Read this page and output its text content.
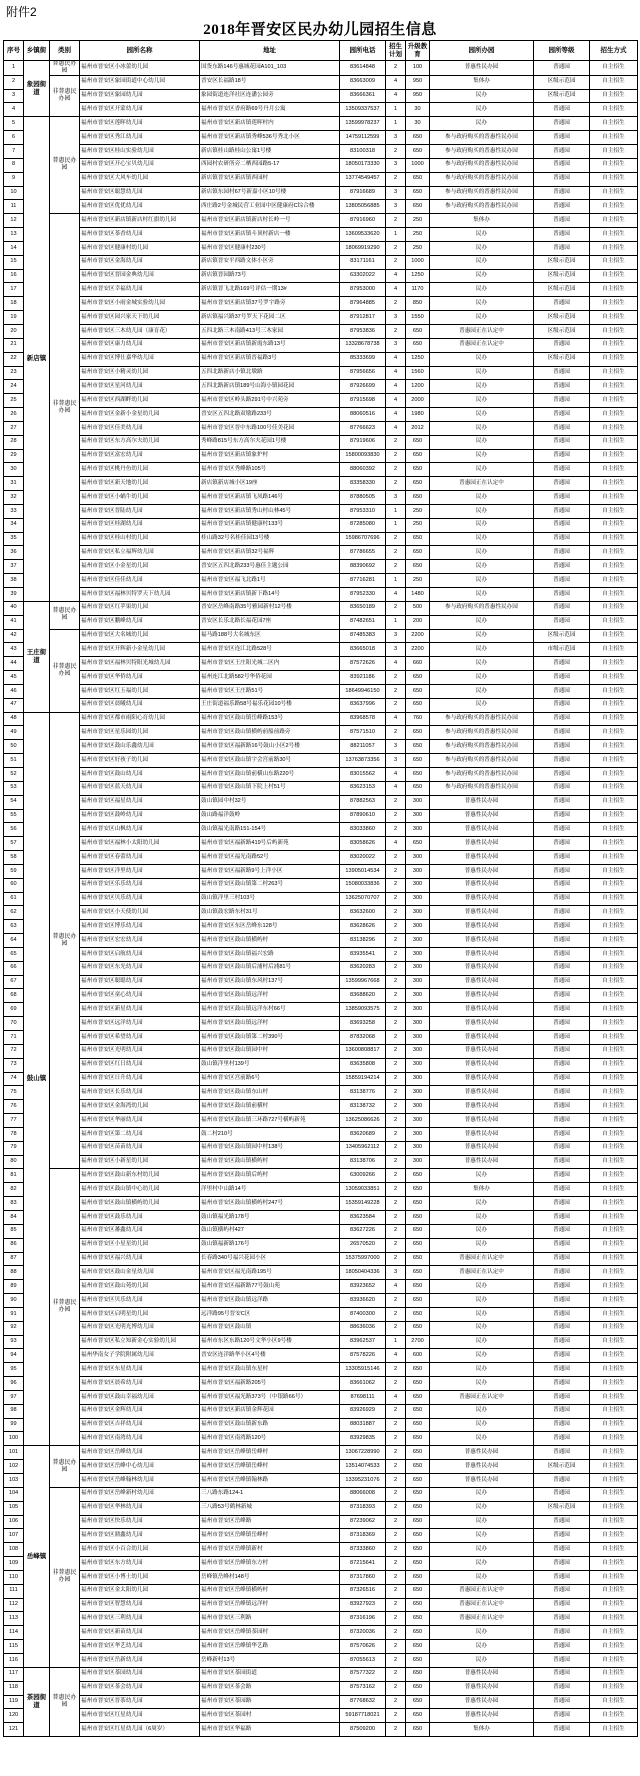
附件2
2018年晋安区民办幼儿园招生信息
序号	乡镇街	类别	园所名称	地址	园所电话	招生计划	升级教育	园所办园	园所等级	招生方式
1	象园街道	普惠民办园	福州市晋安区小冰蕾幼儿园	国货东路146号惠城花园A101_103	83614848	2	100	普惠性民办园	普通园	自主招生
2		非普惠民办园	福州市晋安区象园街道中心幼儿园	晋安区长福路18号	83663009	4	950	集体办	区级示范园	自主招生
3			福州市晋安区象园幼儿园	象园街道连洋社区连潘公园旁	83666361	4	950	民办	区级示范园	自主招生
4			福州市晋安区开蒙幼儿园	福州市晋安区香府路69号丹月公寓	13509337537	1	30	民办	普通园	自主招生
5	新店镇	普惠民办园	福州市晋安区莲晖幼儿园	福州市晋安区新店镇莲晖村内	13599978237	1	30	民办	普通园	自主招生
6			福州市晋安区秀江幼儿园	福州市晋安区新店镇秀峰536号秀北小区	14759112599	3	650	参与政府购买的普惠性民办园	普通园	自主招生
7			福州市晋安区桂山实验幼儿园	新店镇桂山路桂山公寓1号楼	83100318	2	650	参与政府购买的普惠性民办园	普通园	自主招生
8			福州市晋安区开心宝贝幼儿园	西园村农研所旁二栖西园路5-17	18050173330	3	1000	参与政府购买的普惠性民办园	普通园	自主招生
9			福州市晋安区大风车幼儿园	新店镇晋安区新店镇西园村	13774549457	2	650	参与政府购买的普惠性民办园	普通园	自主招生
10			福州市晋安区聪慧幼儿园	新店镇东园村67号新嘉小区10号楼	87916689	3	650	参与政府购买的普惠性民办园	普通园	自主招生
11			福州市晋安区优优幼儿园	西庄路2号金城民营工业园中区健康府C综合楼	13805056885	3	650	参与政府购买的普惠性民办园	普通园	自主招生
12		非普惠民办园	福州市晋安区新店镇新店村红旗幼儿园	福州市晋安区新店镇新店村长岭一号	87916960	2	250	集体办	普通园	自主招生
13			福州市晋安区茶香幼儿园	福州市晋安区新店镇斗顶村新店一楼	13609533620	1	250	民办	普通园	自主招生
14			福州市晋安区健康村幼儿园	福州市晋安区健康村230号	18069919290	2	250	民办	普通园	自主招生
15			福州市晋安区金海幼儿园	新店镇晋安平西路文体小区旁	83171161	2	1000	民办	区级示范园	自主招生
16			福州市晋安区晋园金典幼儿园	新店镇晋园路73号	63302022	4	1250	民办	区级示范园	自主招生
17			福州市晋安区幸福幼儿园	新店镇晋飞北路169号评估一期13#	87953000	4	1170	民办	区级示范园	自主招生
18			福州市晋安区小雨金城实验幼儿园	福州市晋安区新店镇37号罗宇路旁	87964885	2	850	民办	普通园	自主招生
19			福州市晋安区园兴家天下幼儿园	新店镇福兴路37号罗天下花园二区	87912817	3	1550	民办	区级示范园	自主招生
20			福州市晋安区三木幼儿园（康育花）	五四北路三木南路413号三木家园	87953836	2	650	普惠园正在认定中	区级示范园	自主招生
21			福州市晋安区康力幼儿园	福州市晋安区新店镇新霞东路13号	13328678738	3	650	普惠园正在认定中	普通园	自主招生
22			福州市晋安区博仕嘉华幼儿园	福州市晋安区新店镇晋福路3号	85333699	4	1250	民办	区级示范园	自主招生
23			福州市晋安区小精灵幼儿园	五四北路新店小镇北墩路	87956656	4	1560	民办	普通园	自主招生
24			福州市晋安区星河幼儿园	五四北路新店镇189号山海小镇园花园	87926699	4	1200	民办	普通园	自主招生
25			福州市晋安区西湖畔幼儿园	福州市晋安区岭头路291号中兴苑旁	87915698	4	2000	民办	普通园	自主招生
26			福州市晋安区金新小金星幼儿园	晋安区五四北路双墩路233号	88060516	4	1980	民办	普通园	自主招生
27			福州市晋安区佳美幼儿园	福州市晋安区晋中东路100号佳美花园	87766623	4	2012	民办	普通园	自主招生
28			福州市晋安区东方高尔夫幼儿园	秀峰路815号东方高尔夫花园1号楼	87919606	2	650	民办	普通园	自主招生
29			福州市晋安区富宏幼儿园	福州市晋安区新店镇象炉村	15800093830	2	650	民办	普通园	自主招生
30			福州市晋安区桃丹鱼幼儿园	福州市晋安区秀峰路105号	88060392	2	650	民办	普通园	自主招生
31			福州市晋安区新天地幼儿园	新店镇新店城小区19座	83358330	2	650	普惠园正在认定中	普通园	自主招生
32			福州市晋安区小蜗牛幼儿园	福州市晋安区新店镇飞凤路146号	87880505	3	650	民办	普通园	自主招生
33			福州市晋安区晋陆幼儿园	福州市晋安区新店镇秀山村山林45号	87953310	1	250	民办	普通园	自主招生
34			福州市晋安区桂湖幼儿园	福州市晋安区新店镇健康村133号	87285080	1	250	民办	普通园	自主招生
35			福州市晋安区桂山村幼儿园	桂山路32号名桂佳园13号楼	15986707696	2	650	民办	普通园	自主招生
36			福州市晋安区私立福辉幼儿园	福州市晋安区新店镇32号福辉	87786655	2	650	民办	普通园	自主招生
37			福州市晋安区小金星幼儿园	晋安区五四北路233号惠佳主题公园	88390692	2	650	民办	普通园	自主招生
38			福州市晋安区佳佳幼儿园	福州市晋安区福飞北路1号	87716281	1	250	民办	普通园	自主招生
39			福州市晋安区福林贝特罗天下幼儿园	福州市晋安区新店镇新下路14号	87952330	4	1480	民办	普通园	自主招生
40	王庄街道	普惠民办园	福州市晋安区红苹果幼儿园	晋安区岳峰南路35号雅园新村12号楼	83650189	2	500	参与政府购买的普惠性民办园	普通园	自主招生
41			福州市晋安区鹏峰幼儿园	晋安区长乐北路长福花园7座	87482651	1	200	民办	普通园	自主招生
42		非普惠民办园	福州市晋安区大名城幼儿园	福马路188号大名城东区	87485383	3	2200	民办	区级示范园	自主招生
43			福州市晋安区开辉新小金星幼儿园	福州市晋安区连江北路528号	83665018	3	2200	民办	市级示范园	自主招生
44			福州市晋安区福林贝特阳光城幼儿园	福州市晋安区王庄阳光城二区内	87572626	4	660	民办	普通园	自主招生
45			福州市晋安区华侨幼儿园	福州连江北路582号华侨花园	83921186	2	650	民办	普通园	自主招生
46			福州市晋安区红玉福幼儿园	福州市晋安区王庄路51号	18649946150	2	650	民办	普通园	自主招生
47			福州市晋安区晨曦幼儿园	王庄街道福乐路58号福乐花园10号楼	83637996	2	650	民办	普通园	自主招生
48	鼓山镇	普惠民办园	福州市晋安区都市雨阳心育幼儿园	福州市晋安区鼓山镇岳峰路153号	83968578	4	760	参与政府购买的普惠性民办园	普通园	自主招生
49			福州市晋安区星乐园幼儿园	福州市晋安区鼓山镇横屿前船前路旁	87571510	2	650	参与政府购买的普惠性民办园	普通园	自主招生
50			福州市晋安区鼓山乐鑫幼儿园	福州市晋安区福新路16号鼓山小区2号楼	88211057	3	650	参与政府购买的普惠性民办园	普通园	自主招生
51			福州市晋安区好孩子幼儿园	福州市晋安区鼓山镇宇会宫前路30号	13763873356	3	650	参与政府购买的普惠性民办园	普通园	自主招生
52			福州市晋安区鼓山幼儿园	福州市晋安区鼓山镇前横山东路220号	83015562	4	650	参与政府购买的普惠性民办园	普通园	自主招生
53			福州市晋安区蓝天幼儿园	福州市晋安区鼓山镇下院上村51号	83623153	4	650	参与政府购买的普惠性民办园	普通园	自主招生
54			福州市晋安区福星幼儿园	鼓山镇园中村32号	87882563	2	300	普惠性民办园	普通园	自主招生
55			福州市晋安区鼓岭幼儿园	鼓山路福洋鼓岭	87890610	2	300	普惠性民办园	普通园	自主招生
56			福州市晋安区山枫幼儿园	鼓山镇福光南路151-154号	83033860	2	300	普惠性民办园	普通园	自主招生
57			福州市晋安区福林小太阳幼儿园	福州市晋安区福新路419号后屿新苑	83058626	4	650	普惠性民办园	普通园	自主招生
58			福州市晋安区春蕾幼儿园	福州市晋安区福光南路52号	83020022	2	300	普惠性民办园	普通园	自主招生
59			福州市晋安区洋里幼儿园	福州市晋安区福新路9号上洋小区	13905014534	2	300	普惠性民办园	普通园	自主招生
60			福州市晋安区乐乐幼儿园	福州市晋安区鼓山镇第二村263号	15080033836	2	300	普惠性民办园	普通园	自主招生
61			福州市晋安区贝乐幼儿园	鼓山镇洋里三村103号	13625070707	2	300	普惠性民办园	普通园	自主招生
62			福州市晋安区小天使幼儿园	鼓山镇鼓宏路东村31号	83632600	2	300	普惠性民办园	普通园	自主招生
63			福州市晋安区博乐幼儿园	福州市晋安区东区岳峰东128号	83628626	2	300	普惠性民办园	普通园	自主招生
64			福州市晋安区宏宏幼儿园	福州市晋安区鼓山镇横屿村	83138296	2	300	普惠性民办园	普通园	自主招生
65			福州市晋安区启航幼儿园	福州市晋安区鼓山镇福兴宏路	83935541	2	300	普惠性民办园	普通园	自主招生
66			福州市晋安区东光幼儿园	福州市晋安区鼓山镇后浦村后浦81号	83620283	2	300	普惠性民办园	普通园	自主招生
67			福州市晋安区聪聪幼儿园	福州市晋安区鼓山镇东风村137号	13599967668	2	300	普惠性民办园	普通园	自主招生
68			福州市晋安区童心幼儿园	福州市晋安区鼓山镇远洋村	83688620	2	300	普惠性民办园	普通园	自主招生
69			福州市晋安区新星幼儿园	福州市晋安区鼓山镇远洋东村66号	13859093575	2	300	普惠性民办园	普通园	自主招生
70			福州市晋安区远洋幼儿园	福州市晋安区鼓山镇远洋村	83693258	2	300	普惠性民办园	普通园	自主招生
71			福州市晋安区希望幼儿园	福州市晋安区鼓山镇第二村390号	87832068	2	300	普惠性民办园	普通园	自主招生
72			福州市晋安区光明幼儿园	福州市晋安区鼓山镇园中村	13600808817	2	300	普惠性民办园	普通园	自主招生
73			福州市晋安区红日幼儿园	鼓山镇洋里村139号	83635808	2	300	普惠性民办园	普通园	自主招生
74			福州市晋安区日升幼儿园	福州市晋安区宫前路6号	15859194214	2	300	普惠性民办园	普通园	自主招生
75			福州市晋安区长乐幼儿园	福州市晋安区鼓山镇东山村	83138776	2	300	普惠性民办园	普通园	自主招生
76			福州市晋安区金海湾幼儿园	福州市晋安区鼓山镇前横村	83138732	2	300	普惠性民办园	普通园	自主招生
77			福州市晋安区华丽幼儿园	福州市晋安区鼓山镇三环路727号横屿新苑	13625086626	2	300	普惠性民办园	普通园	自主招生
78			福州市晋安区第二幼儿园	鼓二村210号	83620689	2	300	普惠性民办园	普通园	自主招生
79			福州市晋安区苗苗幼儿园	福州市晋安区鼓山镇园中村138号	13405962112	2	300	普惠性民办园	普通园	自主招生
80			福州市晋安区小新星幼儿园	福州市晋安区鼓山镇横屿村	83138706	2	300	普惠性民办园	普通园	自主招生
81		非普惠民办园	福州市晋安区鼓山新东村幼儿园	福州市晋安区鼓山镇后屿村	63009266	2	650	民办	普通园	自主招生
82			福州市晋安区鼓山镇中心幼儿园	洋里村中山路14号	13059033851	2	650	集体办	普通园	自主招生
83			福州市晋安区鼓山镇横屿幼儿园	福州市晋安区鼓山镇横屿村247号	15359149228	2	650	民办	普通园	自主招生
84			福州市晋安区鼓乐幼儿园	鼓山镇福光路178号	83623584	2	650	民办	普通园	自主招生
85			福州市晋安区蕃鑫幼儿园	鼓山镇横屿村427	83627226	2	650	民办	普通园	自主招生
86			福州市晋安区小星星幼儿园	鼓山镇福新路176号	26570520	2	650	民办	普通园	自主招生
87			福州市晋安区福兴幼儿园	长春路340号福兴花园小区	15375997000	2	650	普惠园正在认定中	普通园	自主招生
88			福州市晋安区鼓山金星幼儿园	福州市晋安区福光南路195号	18050404336	3	650	普惠园正在认定中	普通园	自主招生
89			福州市晋安区鼓山苑幼儿园	福州市晋安区福新路77号鼓山苑	83923652	4	650	民办	普通园	自主招生
90			福州市晋安区贝乐幼儿园	福州市晋安区鼓山镇远洋路	83936620	2	650	民办	普通园	自主招生
91			福州市晋安区启明星幼儿园	远洋路95号晋安C区	87400300	2	650	民办	普通园	自主招生
92			福州市晋安区光明光博幼儿园	福州市晋安区鼓山镇	88636036	2	650	民办	普通园	自主招生
93			福州市晋安区私立知新金心实验幼儿园	福州市东区东路120号文华小区9号楼	83962537	1	2700	民办	普通园	自主招生
94			福州华南女子学院附属幼儿园	晋安区连洋路华小区4号楼	87578226	4	600	民办	普通园	自主招生
95			福州市晋安区东星幼儿园	福州市晋安区鼓山镇东星村	13305915146	2	650	民办	普通园	自主招生
96			福州市晋安区晨希幼儿园	福州市晋安区福新路205号	83661062	2	650	民办	普通园	自主招生
97			福州市晋安区鼓山幸福幼儿园	福州市晋安区福光路373号（中银路66号）	87698111	4	650	普惠园正在认定中	普通园	自主招生
98			福州市晋安区金辉幼儿园	福州市晋安区新店镇金辉花园	83926929	2	650	民办	普通园	自主招生
99			福州市晋安区吉祥幼儿园	福州市晋安区鼓山镇新东路	88031887	2	650	民办	普通园	自主招生
100			福州市晋安区南湾幼儿园	福州市晋安区南湾路120号	83929835	2	650	民办	普通园	自主招生
101	岳峰镇	普惠民办园	福州市晋安区岳峰幼儿园	福州市晋安区岳峰镇岳峰村	13067228990	2	650	普惠性民办园	普通园	自主招生
102			福州市晋安区岳峰中心幼儿园	福州市晋安区岳峰镇岳峰村	13514074533	2	650	普惠性民办园	区级示范园	自主招生
103			福州市晋安区岳峰翰林幼儿园	福州市晋安区岳峰镇翰林路	13395231076	2	650	普惠性民办园	普通园	自主招生
104		非普惠民办园	福州市晋安区岳峰新村幼儿园	三八路东路124-1	88066008	2	650	民办	普通园	自主招生
105			福州市晋安区华林幼儿园	三八路53号鹤林新城	87318393	2	650	民办	区级示范园	自主招生
106			福州市晋安区快乐幼儿园	福州市晋安区岳峰路	87239062	2	650	民办	普通园	自主招生
107			福州市晋安区鼎鑫幼儿园	福州市晋安区岳峰镇岳峰村	87318369	2	650	民办	普通园	自主招生
108			福州市晋安区小百合幼儿园	福州市晋安区岳峰镇新村	87333860	2	650	民办	普通园	自主招生
109			福州市晋安区东方幼儿园	福州市晋安区岳峰镇东方村	87215641	2	650	民办	普通园	自主招生
110			福州市晋安区小博士幼儿园	岳峰镇岳峰村148号	87317860	2	650	民办	普通园	自主招生
111			福州市晋安区金太阳幼儿园	福州市晋安区岳峰镇横屿村	87326516	2	650	普惠园正在认定中	普通园	自主招生
112			福州市晋安区智慧幼儿园	福州市晋安区岳峰镇远洋村	83927923	2	650	普惠园正在认定中	普通园	自主招生
113			福州市晋安区三利幼儿园	福州市晋安区三利路	87316196	2	650	普惠园正在认定中	普通园	自主招生
114			福州市晋安区新苗幼儿园	福州市晋安区岳峰镇茶园村	87320036	2	650	民办	普通园	自主招生
115			福州市晋安区华艺幼儿园	福州市晋安区岳峰镇华艺路	87570626	2	650	民办	普通园	自主招生
116			福州市晋安区岳新幼儿园	岳峰新村13号	87055613	2	650	民办	普通园	自主招生
117	茶园街道	普惠民办园	福州市晋安区茶园幼儿园	福州市晋安区茶园街道	87577322	2	650	普惠性民办园	普通园	自主招生
118			福州市晋安区茶会幼儿园	福州市晋安区茶会路	87573162	2	650	普惠性民办园	普通园	自主招生
119			福州市晋安区晋茶幼儿园	福州市晋安区茶园路	87768632	2	650	普惠性民办园	普通园	自主招生
120			福州市晋安区红星幼儿园	福州市晋安区茶园村	59187718021	2	650	普惠性民办园	普通园	自主招生
121			福州市晋安区红星幼儿园（6周岁）	福州市晋安区华福路	87509200	2	650	集体办	普通园	自主招生
